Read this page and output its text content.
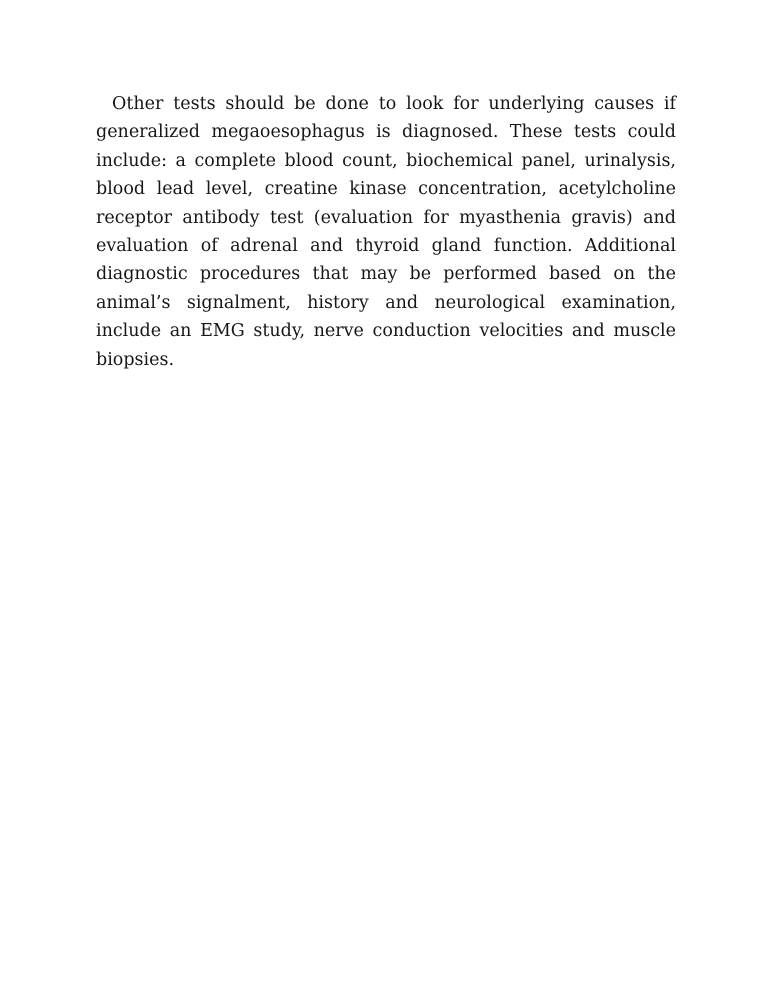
Other tests should be done to look for underlying causes if generalized megaoesophagus is diagnosed. These tests could include: a complete blood count, biochemical panel, urinalysis, blood lead level, creatine kinase concentration, acetylcholine receptor antibody test (evaluation for myasthenia gravis) and evaluation of adrenal and thyroid gland function. Additional diagnostic procedures that may be performed based on the animal’s signalment, history and neurological examination, include an EMG study, nerve conduction velocities and muscle biopsies.
